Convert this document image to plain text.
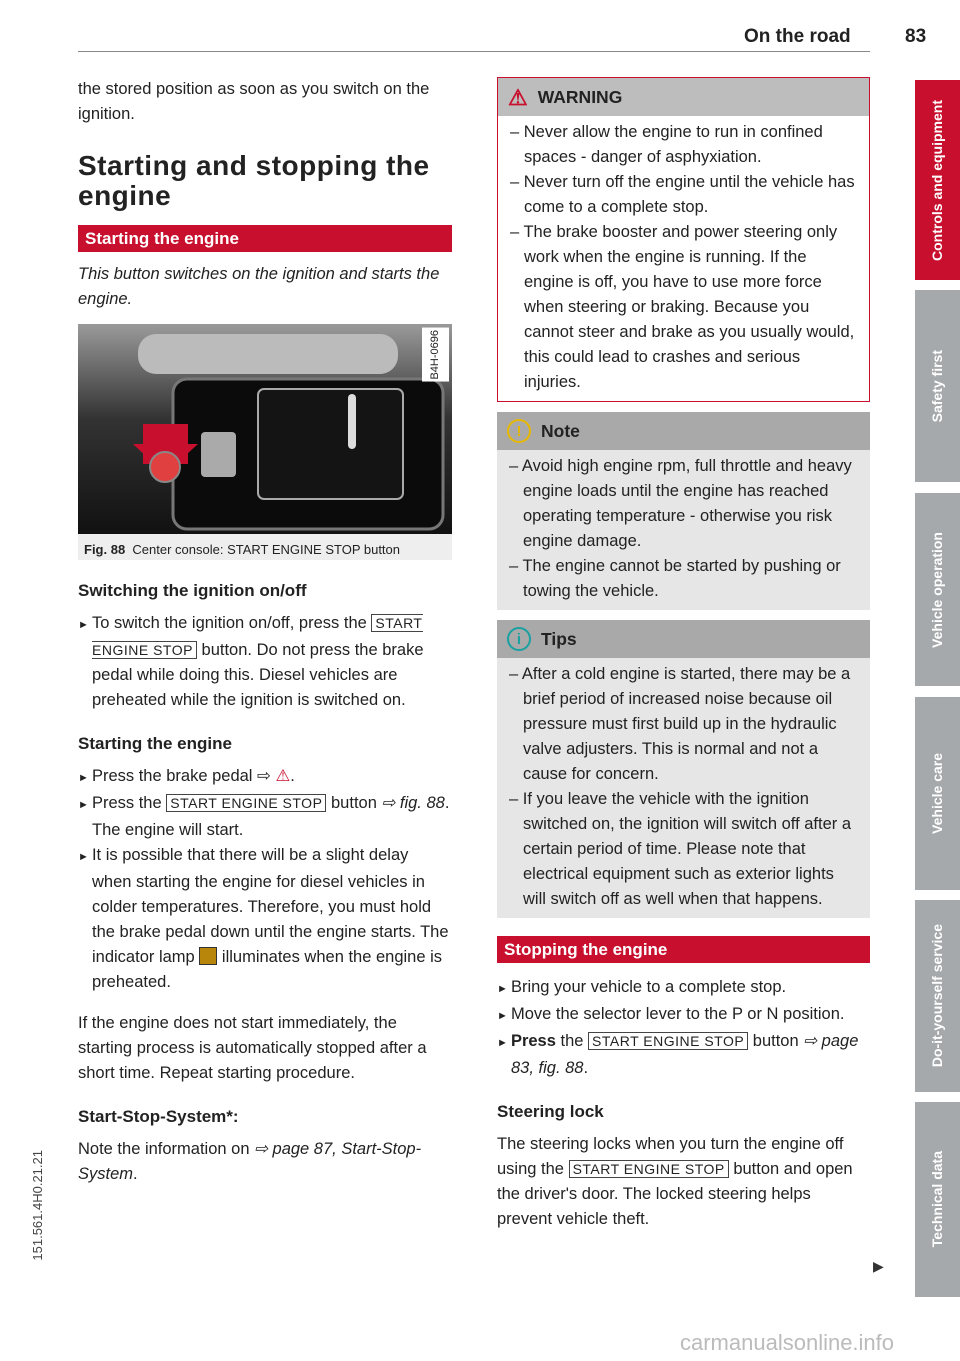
On the road	83

the stored position as soon as you switch on the ignition.

Starting and stopping the engine
Starting the engine

This button switches on the ignition and starts the engine.

B4H-0696
Fig. 88 Center console: START ENGINE STOP button
Switching the ignition on/off

► To switch the ignition on/off, press the START ENGINE STOP button. Do not press the brake pedal while doing this. Diesel vehicles are preheated while the ignition is switched on.

Starting the engine

► Press the brake pedal ⇨ ⚠.

► Press the START ENGINE STOP button ⇨ fig. 88. The engine will start.

► It is possible that there will be a slight delay when starting the engine for diesel vehicles in colder temperatures. Therefore, you must hold the brake pedal down until the engine starts. The indicator lamp  illuminates when the engine is preheated.

If the engine does not start immediately, the starting process is automatically stopped after a short time. Repeat starting procedure.

Start-Stop-System*:

Note the information on ⇨ page 87, Start-Stop-System.

⚠ WARNING

– Never allow the engine to run in confined spaces - danger of asphyxiation.

– Never turn off the engine until the vehicle has come to a complete stop.

– The brake booster and power steering only work when the engine is running. If the engine is off, you have to use more force when steering or braking. Because you cannot steer and brake as you usually would, this could lead to crashes and serious injuries.

!	Note

– Avoid high engine rpm, full throttle and heavy engine loads until the engine has reached operating temperature - otherwise you risk engine damage.

– The engine cannot be started by pushing or towing the vehicle.

i	Tips

– After a cold engine is started, there may be a brief period of increased noise because oil pressure must first build up in the hydraulic valve adjusters. This is normal and not a cause for concern.

– If you leave the vehicle with the ignition switched on, the ignition will switch off after a certain period of time. Please note that electrical equipment such as exterior lights will switch off as well when that happens.

Stopping the engine

► Bring your vehicle to a complete stop.

► Move the selector lever to the P or N position.

► Press the START ENGINE STOP button ⇨ page 83, fig. 88.

Steering lock

The steering locks when you turn the engine off using the START ENGINE STOP button and open the driver's door. The locked steering helps prevent vehicle theft.

Controls and equipment
Safety first
Vehicle operation
Vehicle care
Do-it-yourself service
Technical data
151.561.4H0.21.21
▶
carmanualsonline.info
